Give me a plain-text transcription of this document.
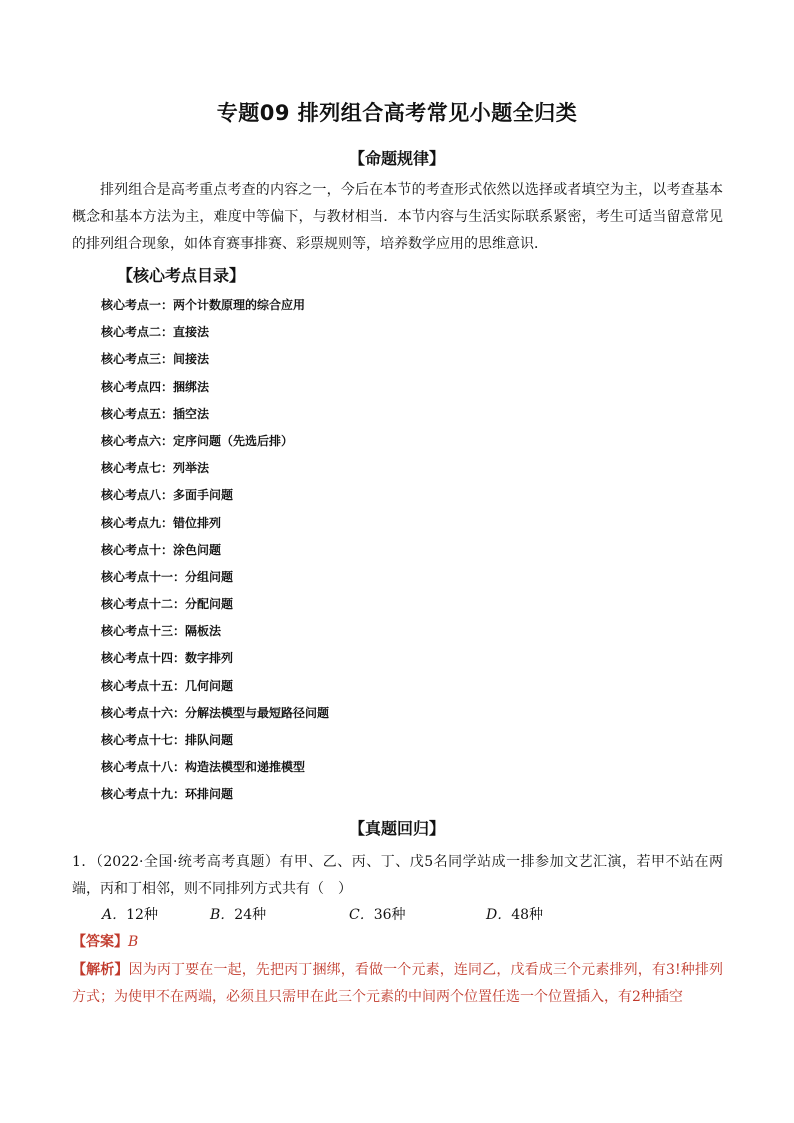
专题09 排列组合高考常见小题全归类
【命题规律】
排列组合是高考重点考查的内容之一，今后在本节的考查形式依然以选择或者填空为主，以考查基本概念和基本方法为主，难度中等偏下，与教材相当．本节内容与生活实际联系紧密，考生可适当留意常见的排列组合现象，如体育赛事排赛、彩票规则等，培养数学应用的思维意识．
【核心考点目录】
核心考点一：两个计数原理的综合应用
核心考点二：直接法
核心考点三：间接法
核心考点四：捆绑法
核心考点五：插空法
核心考点六：定序问题（先选后排）
核心考点七：列举法
核心考点八：多面手问题
核心考点九：错位排列
核心考点十：涂色问题
核心考点十一：分组问题
核心考点十二：分配问题
核心考点十三：隔板法
核心考点十四：数字排列
核心考点十五：几何问题
核心考点十六：分解法模型与最短路径问题
核心考点十七：排队问题
核心考点十八：构造法模型和递推模型
核心考点十九：环排问题
【真题回归】
1．（2022·全国·统考高考真题）有甲、乙、丙、丁、戊5名同学站成一排参加文艺汇演，若甲不站在两端，丙和丁相邻，则不同排列方式共有（　）
A．12种	B．24种	C．36种	D．48种
【答案】B
【解析】因为丙丁要在一起，先把丙丁捆绑，看做一个元素，连同乙，戊看成三个元素排列，有3!种排列方式；为使甲不在两端，必须且只需甲在此三个元素的中间两个位置任选一个位置插入，有2种插空
